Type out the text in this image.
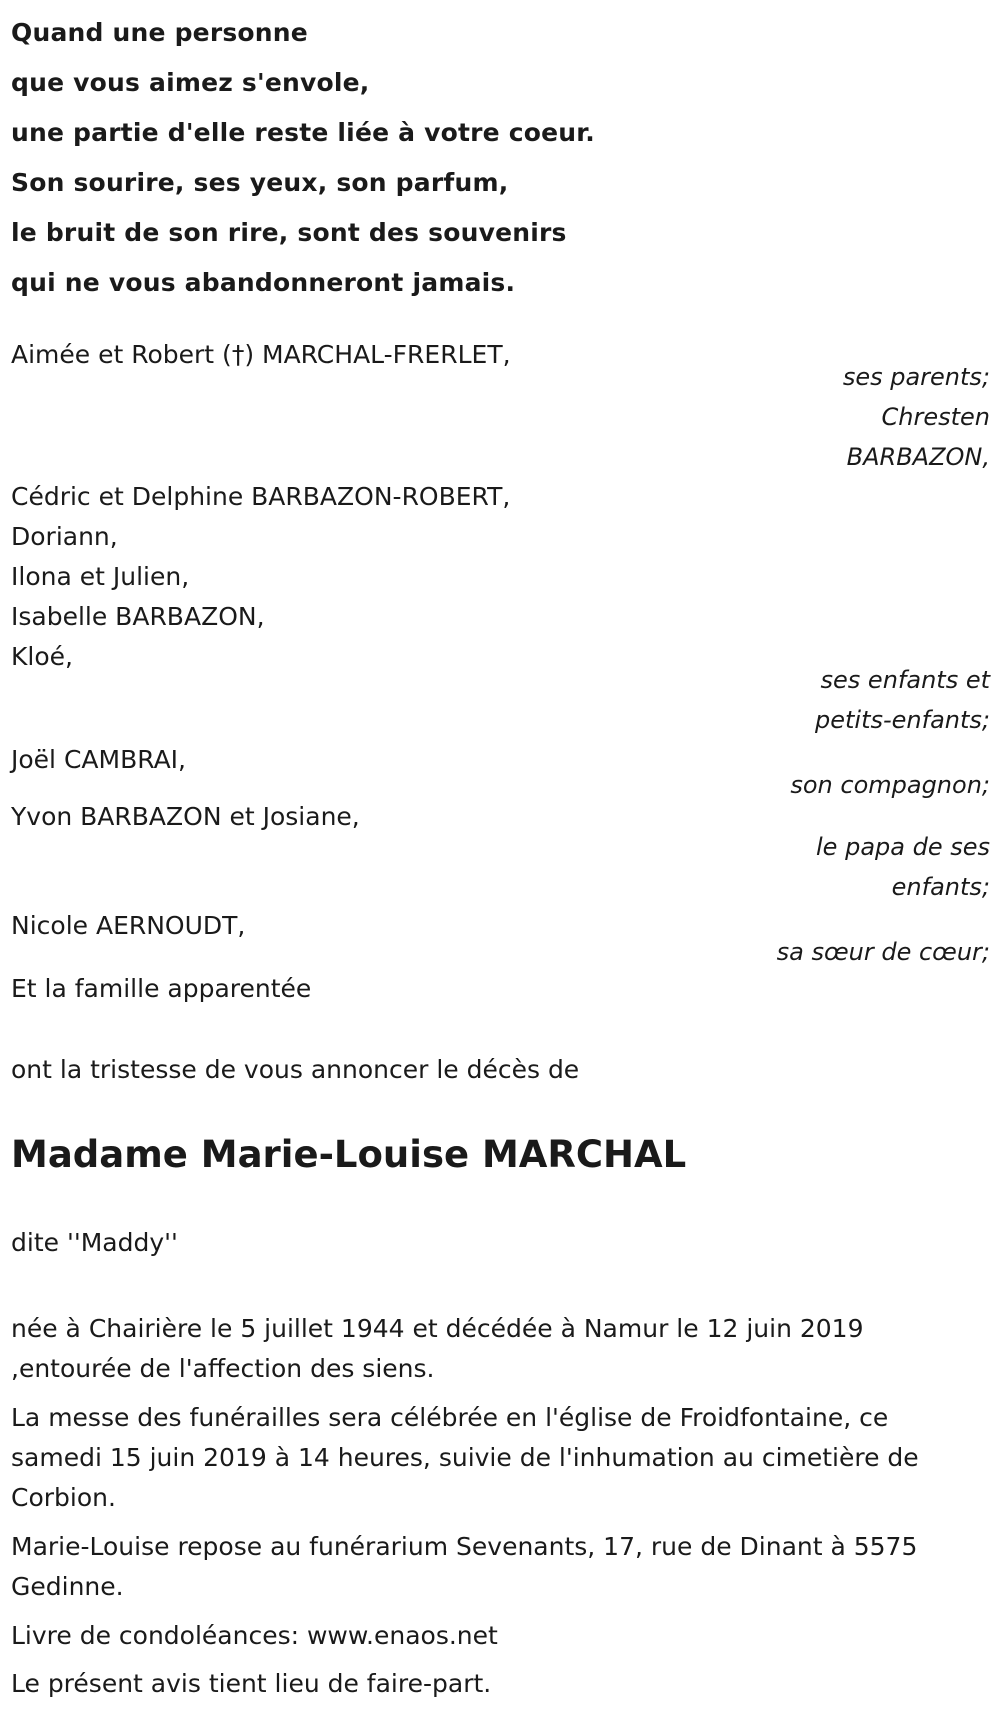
Quand une personne
que vous aimez s'envole,
une partie d'elle reste liée à votre coeur.
Son sourire, ses yeux, son parfum,
le bruit de son rire, sont des souvenirs
qui ne vous abandonneront jamais.

Aimée et Robert (†) MARCHAL-FRERLET,

ses parents;

Chresten

BARBAZON,

Cédric et Delphine BARBAZON-ROBERT,

Doriann,

Ilona et Julien,

Isabelle BARBAZON,

Kloé,

ses enfants et

petits-enfants;

Joël CAMBRAI,

son compagnon;

Yvon BARBAZON et Josiane,

le papa de ses

enfants;

Nicole AERNOUDT,

sa sœur de cœur;

Et la famille apparentée

ont la tristesse de vous annoncer le décès de

Madame Marie-Louise MARCHAL

dite ''Maddy''

née à Chairière le 5 juillet 1944 et décédée à Namur le 12 juin 2019

,entourée de l'affection des siens.

La messe des funérailles sera célébrée en l'église de Froidfontaine, ce

samedi 15 juin 2019 à 14 heures, suivie de l'inhumation au cimetière de

Corbion.

Marie-Louise repose au funérarium Sevenants, 17, rue de Dinant à 5575

Gedinne.

Livre de condoléances: www.enaos.net

Le présent avis tient lieu de faire-part.
